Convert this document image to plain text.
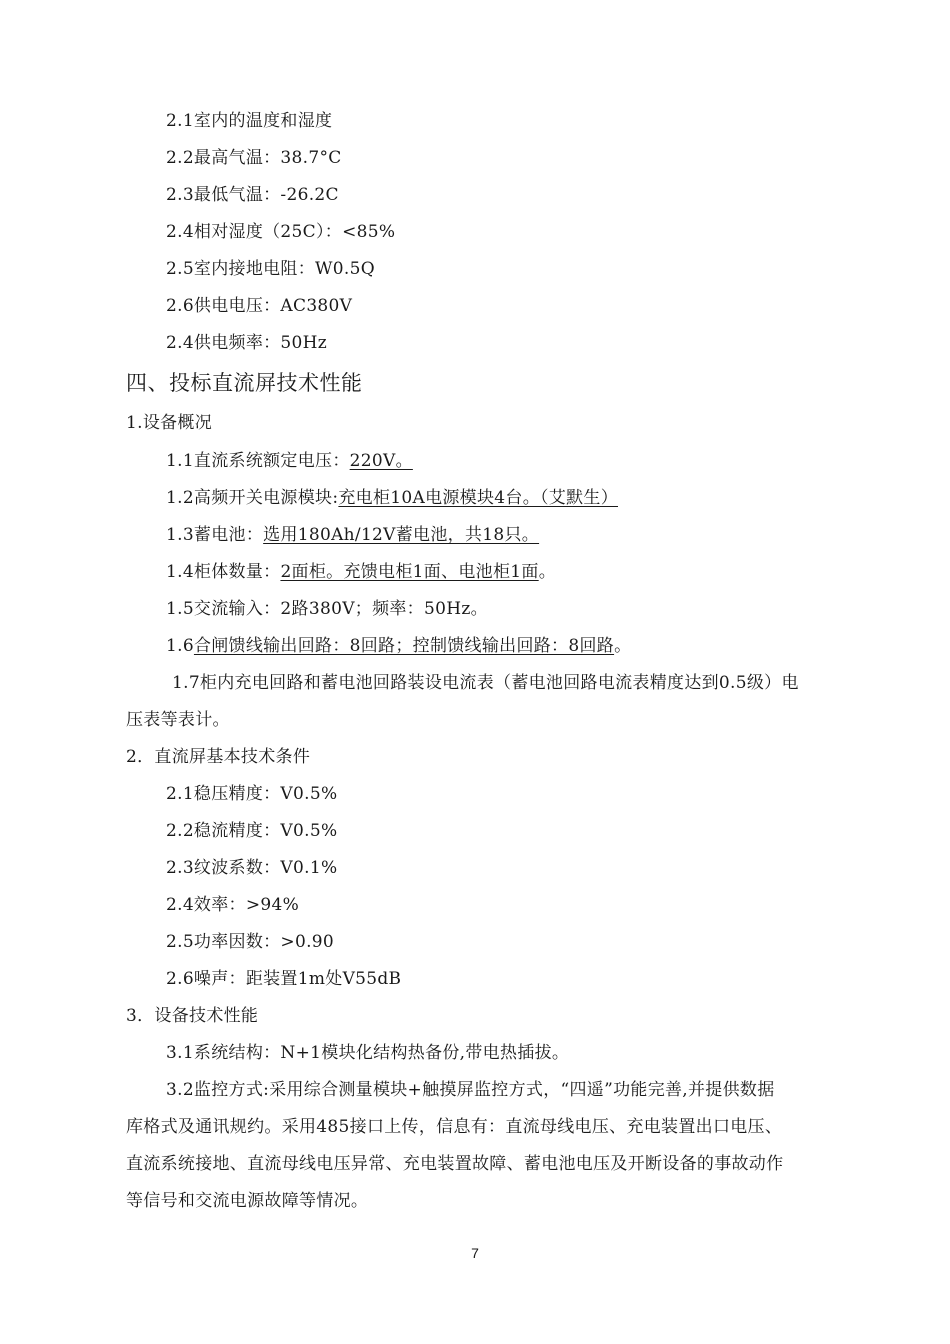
2.1室内的温度和湿度
2.2最高气温：38.7°C
2.3最低气温：-26.2C
2.4相对湿度（25C）：<85%
2.5室内接地电阻：W0.5Q
2.6供电电压：AC380V
2.4供电频率：50Hz
四、投标直流屏技术性能
1.设备概况
1.1直流系统额定电压：220V。
1.2高频开关电源模块:充电柜10A电源模块4台。（艾默生）
1.3蓄电池：选用180Ah/12V蓄电池，共18只。
1.4柜体数量：2面柜。充馈电柜1面、电池柜1面。
1.5交流输入：2路380V；频率：50Hz。
1.6合闸馈线输出回路：8回路；控制馈线输出回路：8回路。
1.7柜内充电回路和蓄电池回路装设电流表（蓄电池回路电流表精度达到0.5级）电
压表等表计。
2．直流屏基本技术条件
2.1稳压精度：V0.5%
2.2稳流精度：V0.5%
2.3纹波系数：V0.1%
2.4效率：>94%
2.5功率因数：>0.90
2.6噪声：距装置1m处V55dB
3．设备技术性能
3.1系统结构：N+1模块化结构热备份,带电热插拔。
3.2监控方式:采用综合测量模块+触摸屏监控方式，“四遥”功能完善,并提供数据
库格式及通讯规约。采用485接口上传，信息有：直流母线电压、充电装置出口电压、
直流系统接地、直流母线电压异常、充电装置故障、蓄电池电压及开断设备的事故动作
等信号和交流电源故障等情况。
7
